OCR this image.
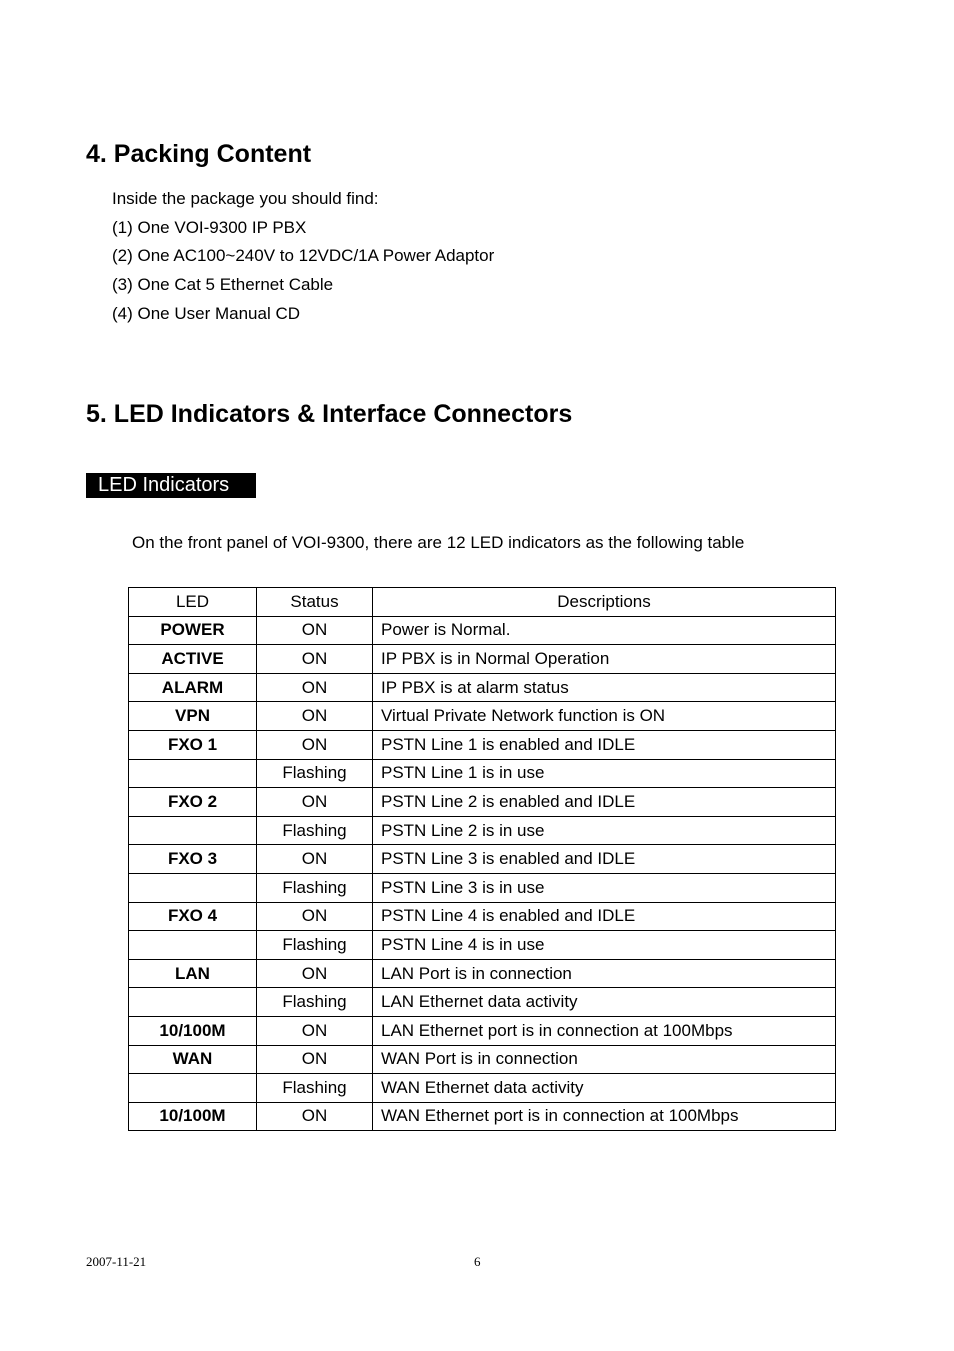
4. Packing Content
Inside the package you should find:
(1) One VOI-9300 IP PBX
(2) One AC100~240V to 12VDC/1A Power Adaptor
(3) One Cat 5 Ethernet Cable
(4) One User Manual CD
5. LED Indicators & Interface Connectors
LED Indicators
On the front panel of VOI-9300, there are 12 LED indicators as the following table
LED	Status	Descriptions
POWER	ON	Power is Normal.
ACTIVE	ON	IP PBX is in Normal Operation
ALARM	ON	IP PBX is at alarm status
VPN	ON	Virtual Private Network function is ON
FXO 1	ON	PSTN Line 1 is enabled and IDLE
	Flashing	PSTN Line 1 is in use
FXO 2	ON	PSTN Line 2 is enabled and IDLE
	Flashing	PSTN Line 2 is in use
FXO 3	ON	PSTN Line 3 is enabled and IDLE
	Flashing	PSTN Line 3 is in use
FXO 4	ON	PSTN Line 4 is enabled and IDLE
	Flashing	PSTN Line 4 is in use
LAN	ON	LAN Port is in connection
	Flashing	LAN Ethernet data activity
10/100M	ON	LAN Ethernet port is in connection at 100Mbps
WAN	ON	WAN Port is in connection
	Flashing	WAN Ethernet data activity
10/100M	ON	WAN Ethernet port is in connection at 100Mbps
2007-11-21	6
